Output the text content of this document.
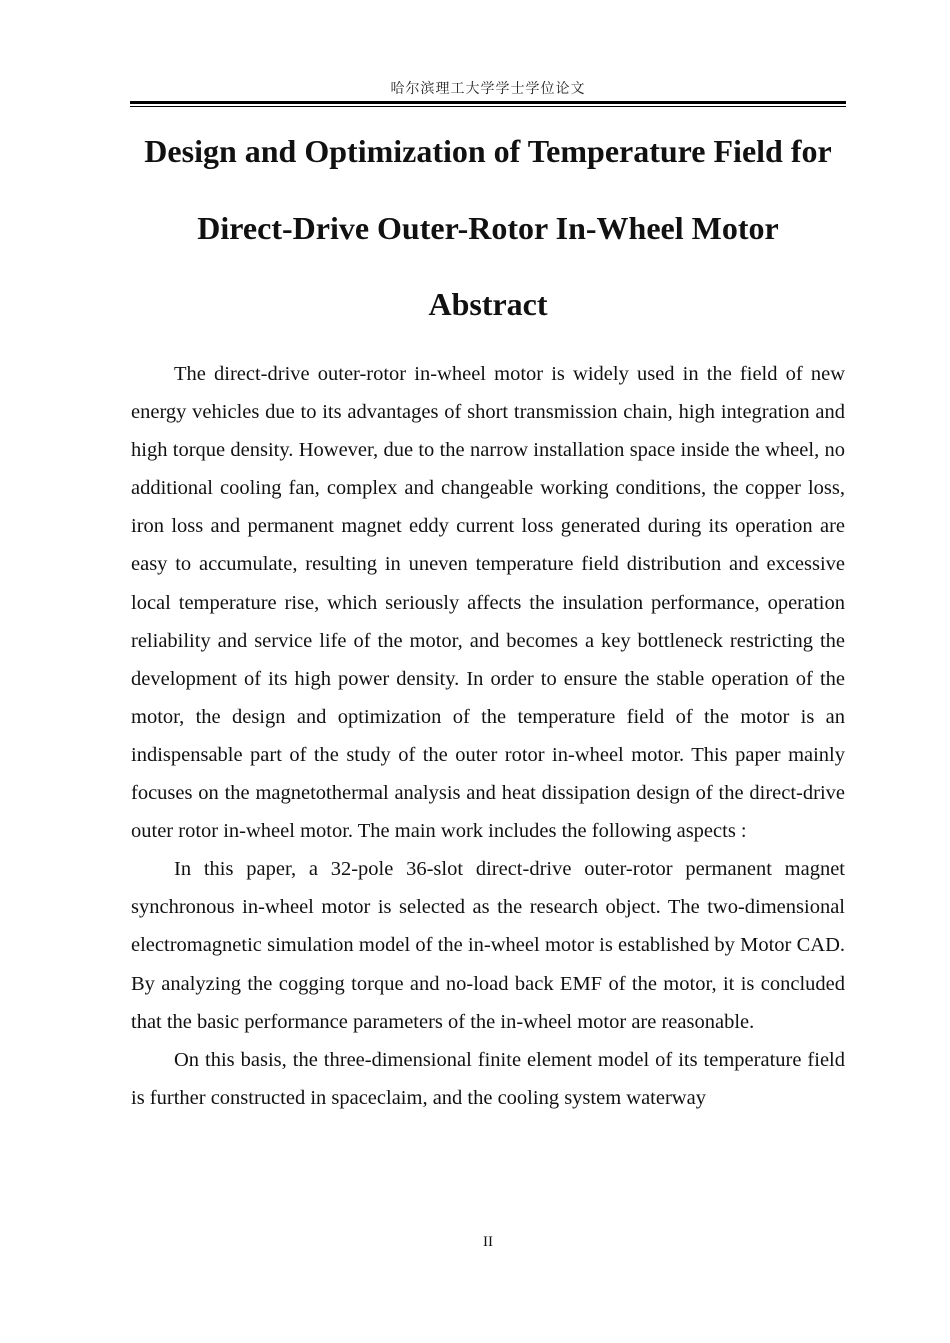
哈尔滨理工大学学士学位论文
Design and Optimization of Temperature Field for
Direct-Drive Outer-Rotor In-Wheel Motor
Abstract

The direct-drive outer-rotor in-wheel motor is widely used in the field of new energy vehicles due to its advantages of short transmission chain, high integration and high torque density. However, due to the narrow installation space inside the wheel, no additional cooling fan, complex and changeable working conditions, the copper loss, iron loss and permanent magnet eddy current loss generated during its operation are easy to accumulate, resulting in uneven temperature field distribution and excessive local temperature rise, which seriously affects the insulation performance, operation reliability and service life of the motor, and becomes a key bottleneck restricting the development of its high power density. In order to ensure the stable operation of the motor, the design and optimization of the temperature field of the motor is an indispensable part of the study of the outer rotor in-wheel motor. This paper mainly focuses on the magnetothermal analysis and heat dissipation design of the direct-drive outer rotor in-wheel motor. The main work includes the following aspects :

In this paper, a 32-pole 36-slot direct-drive outer-rotor permanent magnet synchronous in-wheel motor is selected as the research object. The two-dimensional electromagnetic simulation model of the in-wheel motor is established by Motor CAD. By analyzing the cogging torque and no-load back EMF of the motor, it is concluded that the basic performance parameters of the in-wheel motor are reasonable.

On this basis, the three-dimensional finite element model of its temperature field is further constructed in spaceclaim, and the cooling system waterway

II
